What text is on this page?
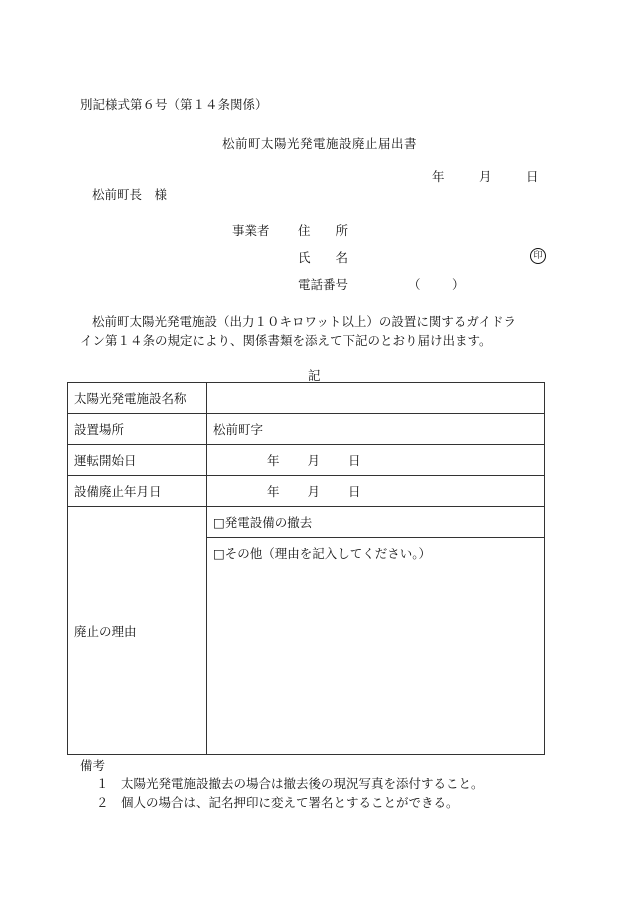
別記様式第６号（第１４条関係）
松前町太陽光発電施設廃止届出書
年	月	日
松前町長　様
事業者 住　　所
氏　　名	印
電話番号	（	）
松前町太陽光発電施設（出力１０キロワット以上）の設置に関するガイドラ
イン第１４条の規定により、関係書類を添えて下記のとおり届け出ます。
記
太陽光発電施設名称	
設置場所	松前町字
運転開始日	年 月 日
設備廃止年月日	年 月 日
廃止の理由	□発電設備の撤去
	□その他（理由を記入してください。）
備考
１　太陽光発電施設撤去の場合は撤去後の現況写真を添付すること。
２　個人の場合は、記名押印に変えて署名とすることができる。
